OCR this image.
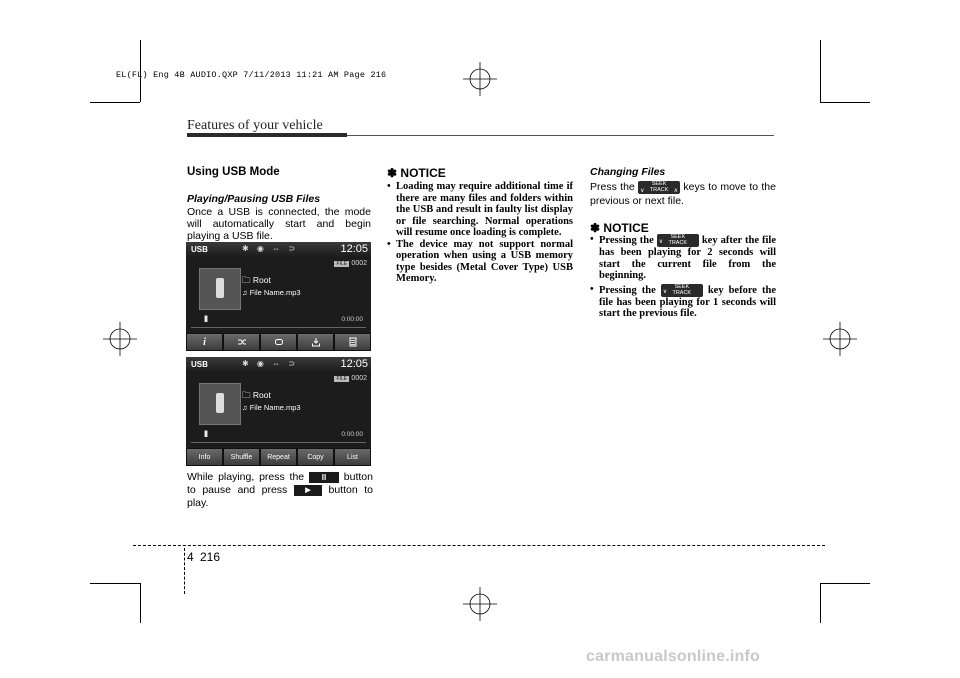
EL(FL) Eng 4B AUDIO.QXP 7/11/2013 11:21 AM Page 216
Features of your vehicle
Using USB Mode
Playing/Pausing USB Files
Once a USB is connected, the mode will automatically start and begin playing a USB file.
USB	✱ ◉ ⇔ ⊃	12:05
FILE 0002
🗀 Root
♫ File Name.mp3
II	0:00:00
i
USB	✱ ◉ ⇔ ⊃	12:05
FILE 0002
🗀 Root
♫ File Name.mp3
II	0:00:00
Info	Shuffle	Repeat	Copy	List
While playing, press the II button to pause and press	▶ button to play.
✽ NOTICE

• Loading may require additional time if there are many files and folders within the USB and result in faulty list display or file searching. Normal operations will resume once loading is complete.

• The device may not support normal operation when using a USB memory type besides (Metal Cover Type) USB Memory.

Changing Files
Press the ∨
SEEK
TRACK ∧ keys to move to the previous or next file.
✽ NOTICE

• Pressing the ∨
SEEK
TRACK	key after the file has been playing for 2 seconds will start the current file from the beginning.

• Pressing the ∨
SEEK
TRACK	key before the file has been playing for 1 seconds will start the previous file.

4 216
carmanualsonline.info
